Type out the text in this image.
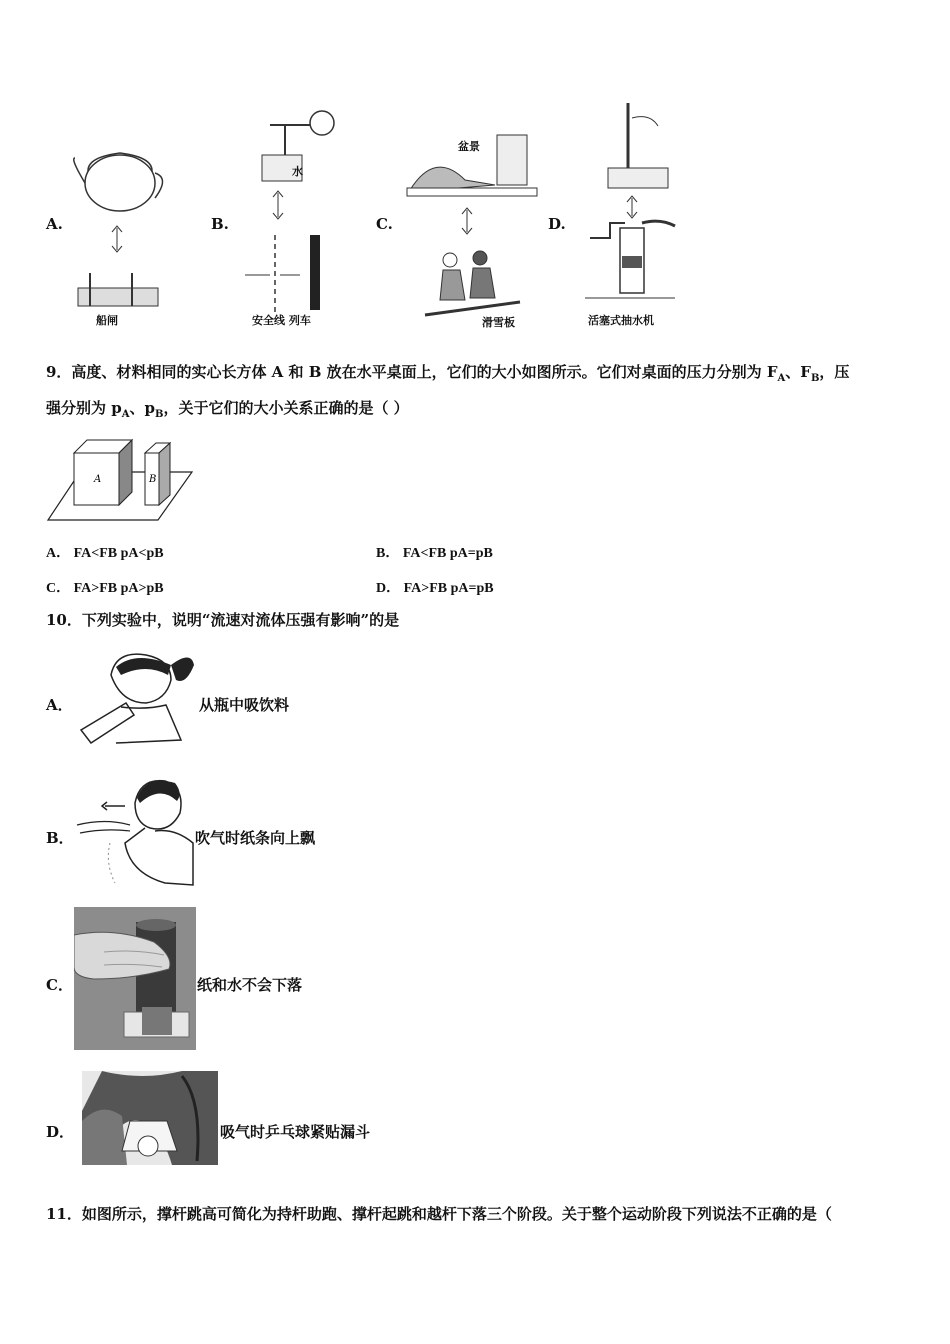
A.
船闸
B.
水
安全线 列车
C.
盆景
滑雪板
D.
活塞式抽水机
9．高度、材料相同的实心长方体 A 和 B 放在水平桌面上，它们的大小如图所示。它们对桌面的压力分别为 $F_A$、$F_B$，压
强分别为 $p_A$、$p_B$，关于它们的大小关系正确的是（ ）
A	B
A． FA<FB pA<pB	B． FA<FB pA=pB
C． FA>FB pA>pB	D． FA>FB pA=pB
10．下列实验中，说明“流速对流体压强有影响”的是
A．	从瓶中吸饮料
B．	吹气时纸条向上飘
C．	纸和水不会下落
D．	吸气时乒乓球紧贴漏斗
11．如图所示，撑杆跳高可简化为持杆助跑、撑杆起跳和越杆下落三个阶段。关于整个运动阶段下列说法不正确的是（
